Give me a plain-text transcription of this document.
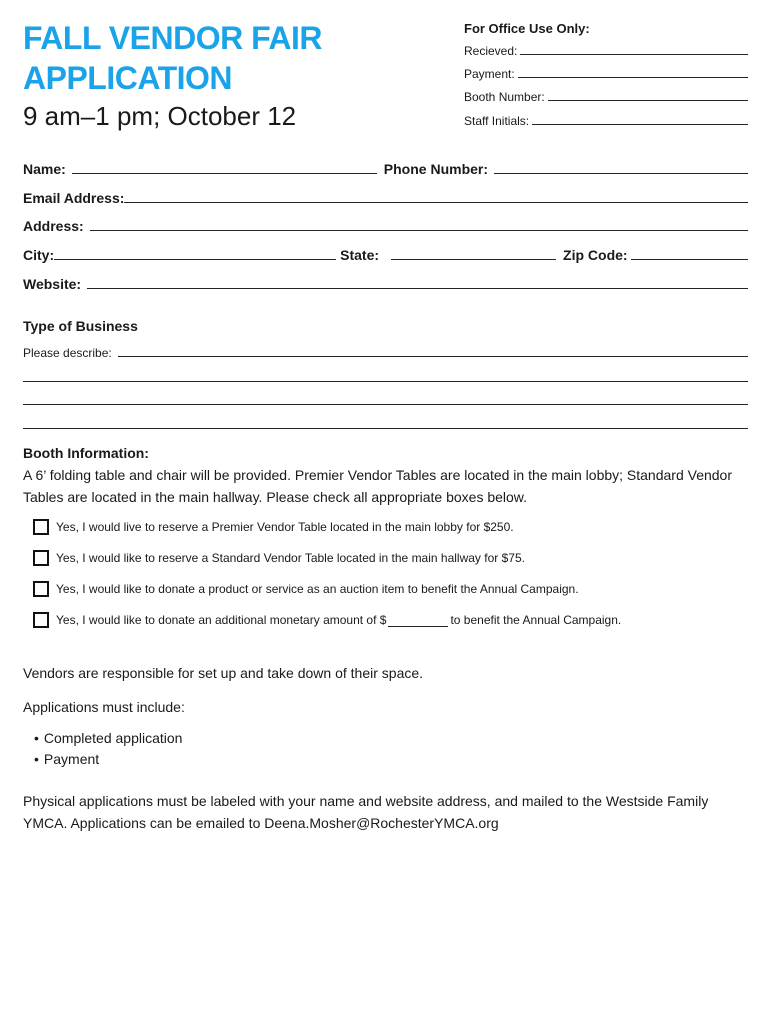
FALL VENDOR FAIR
APPLICATION
9 am–1 pm; October 12
For Office Use Only:
Recieved:
Payment:
Booth Number:
Staff Initials:
Name:	Phone Number:
Email Address:
Address:
City:	State:	Zip Code:
Website:
Type of Business
Please describe:
Booth Information:
A 6’ folding table and chair will be provided. Premier Vendor Tables are located in the main lobby; Standard Vendor Tables are located in the main hallway. Please check all appropriate boxes below.
Yes, I would live to reserve a Premier Vendor Table located in the main lobby for $250.
Yes, I would like to reserve a Standard Vendor Table located in the main hallway for $75.
Yes, I would like to donate a product or service as an auction item to benefit the Annual Campaign.
Yes, I would like to donate an additional monetary amount of $	to benefit the Annual Campaign.
Vendors are responsible for set up and take down of their space.
Applications must include:
• Completed application
• Payment
Physical applications must be labeled with your name and website address, and mailed to the Westside Family YMCA. Applications can be emailed to Deena.Mosher@RochesterYMCA.org
